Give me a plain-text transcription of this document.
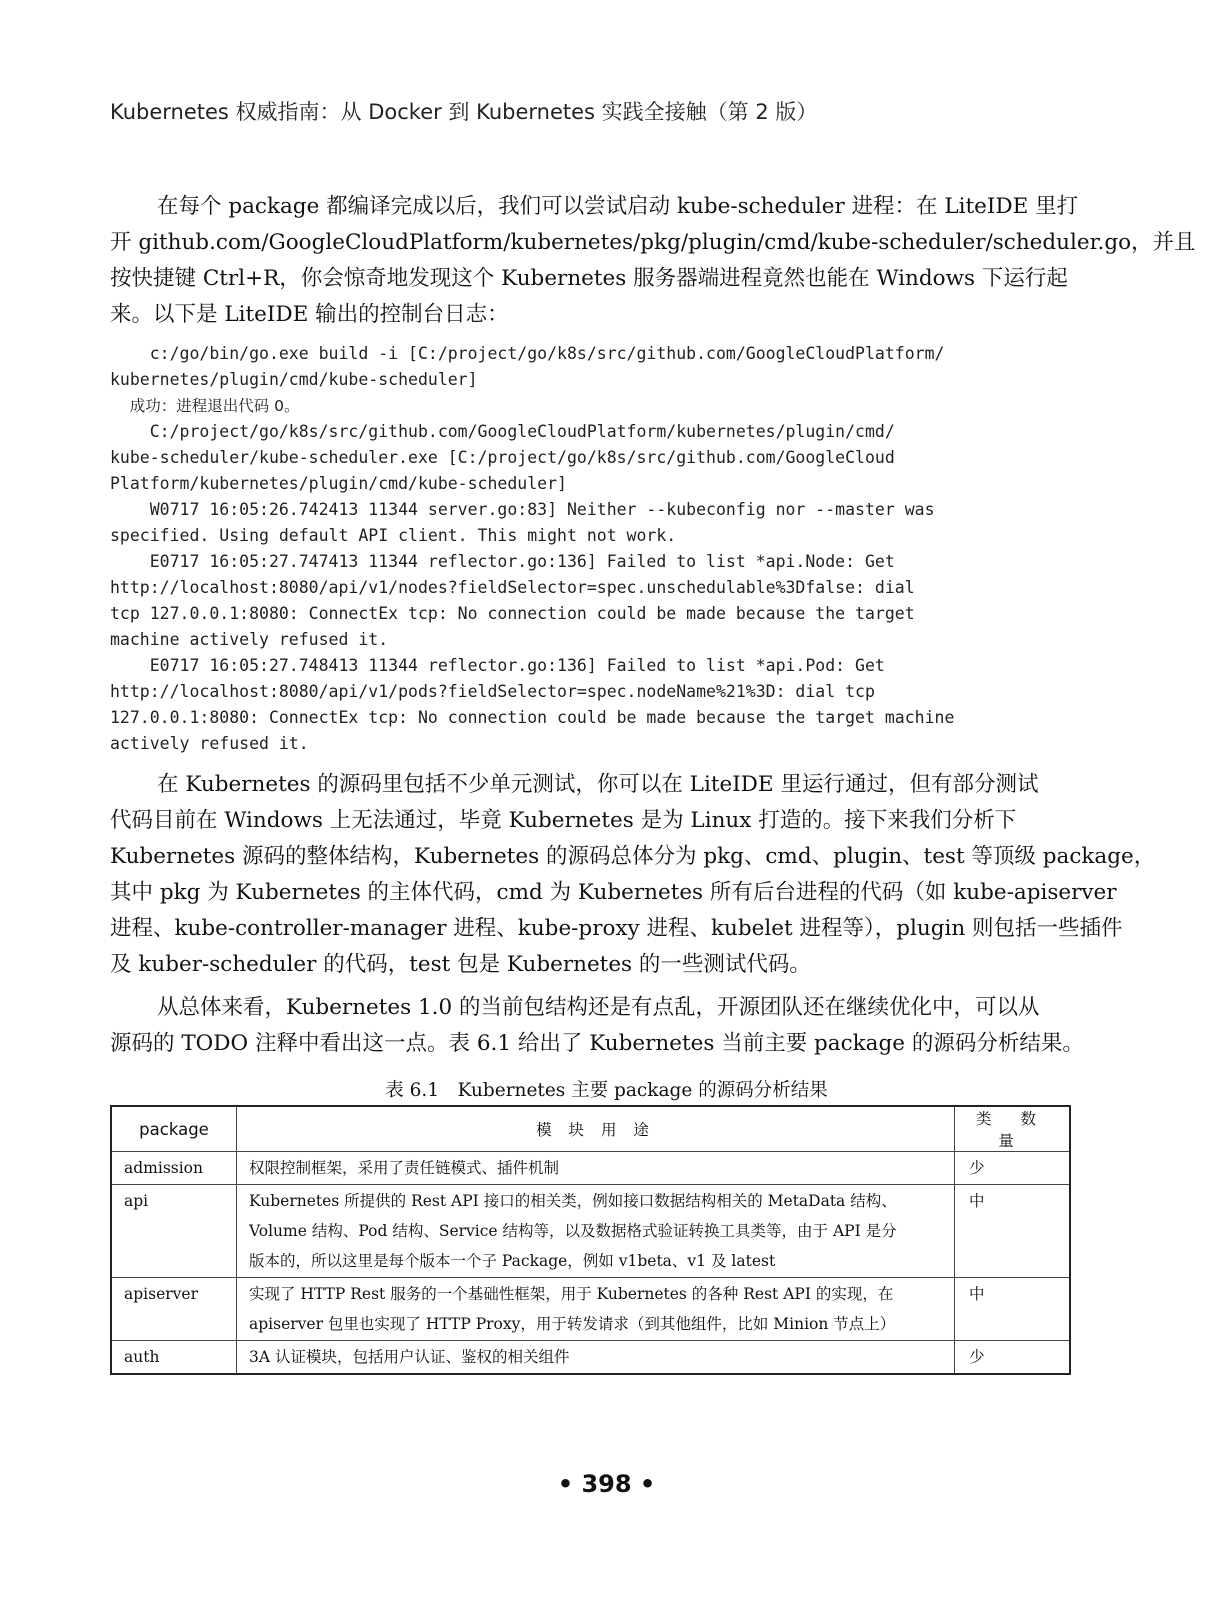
Kubernetes 权威指南：从 Docker 到 Kubernetes 实践全接触（第 2 版）
在每个 package 都编译完成以后，我们可以尝试启动 kube-scheduler 进程：在 LiteIDE 里打
开 github.com/GoogleCloudPlatform/kubernetes/pkg/plugin/cmd/kube-scheduler/scheduler.go，并且
按快捷键 Ctrl+R，你会惊奇地发现这个 Kubernetes 服务器端进程竟然也能在 Windows 下运行起
来。以下是 LiteIDE 输出的控制台日志：
c:/go/bin/go.exe build -i [C:/project/go/k8s/src/github.com/GoogleCloudPlatform/
kubernetes/plugin/cmd/kube-scheduler]
成功：进程退出代码 0。
C:/project/go/k8s/src/github.com/GoogleCloudPlatform/kubernetes/plugin/cmd/
kube-scheduler/kube-scheduler.exe [C:/project/go/k8s/src/github.com/GoogleCloud
Platform/kubernetes/plugin/cmd/kube-scheduler]
W0717 16:05:26.742413 11344 server.go:83] Neither --kubeconfig nor --master was
specified. Using default API client. This might not work.
E0717 16:05:27.747413 11344 reflector.go:136] Failed to list *api.Node: Get
http://localhost:8080/api/v1/nodes?fieldSelector=spec.unschedulable%3Dfalse: dial
tcp 127.0.0.1:8080: ConnectEx tcp: No connection could be made because the target
machine actively refused it.
E0717 16:05:27.748413 11344 reflector.go:136] Failed to list *api.Pod: Get
http://localhost:8080/api/v1/pods?fieldSelector=spec.nodeName%21%3D: dial tcp
127.0.0.1:8080: ConnectEx tcp: No connection could be made because the target machine
actively refused it.
在 Kubernetes 的源码里包括不少单元测试，你可以在 LiteIDE 里运行通过，但有部分测试
代码目前在 Windows 上无法通过，毕竟 Kubernetes 是为 Linux 打造的。接下来我们分析下
Kubernetes 源码的整体结构，Kubernetes 的源码总体分为 pkg、cmd、plugin、test 等顶级 package，
其中 pkg 为 Kubernetes 的主体代码，cmd 为 Kubernetes 所有后台进程的代码（如 kube-apiserver
进程、kube-controller-manager 进程、kube-proxy 进程、kubelet 进程等），plugin 则包括一些插件
及 kuber-scheduler 的代码，test 包是 Kubernetes 的一些测试代码。
从总体来看，Kubernetes 1.0 的当前包结构还是有点乱，开源团队还在继续优化中，可以从
源码的 TODO 注释中看出这一点。表 6.1 给出了 Kubernetes 当前主要 package 的源码分析结果。
表 6.1　Kubernetes 主要 package 的源码分析结果
package	模 块 用 途	类 数 量
admission	权限控制框架，采用了责任链模式、插件机制	少
api	Kubernetes 所提供的 Rest API 接口的相关类，例如接口数据结构相关的 MetaData 结构、
Volume 结构、Pod 结构、Service 结构等，以及数据格式验证转换工具类等，由于 API 是分
版本的，所以这里是每个版本一个子 Package，例如 v1beta、v1 及 latest	中
apiserver	实现了 HTTP Rest 服务的一个基础性框架，用于 Kubernetes 的各种 Rest API 的实现，在
apiserver 包里也实现了 HTTP Proxy，用于转发请求（到其他组件，比如 Minion 节点上）	中
auth	3A 认证模块，包括用户认证、鉴权的相关组件	少
• 398 •
